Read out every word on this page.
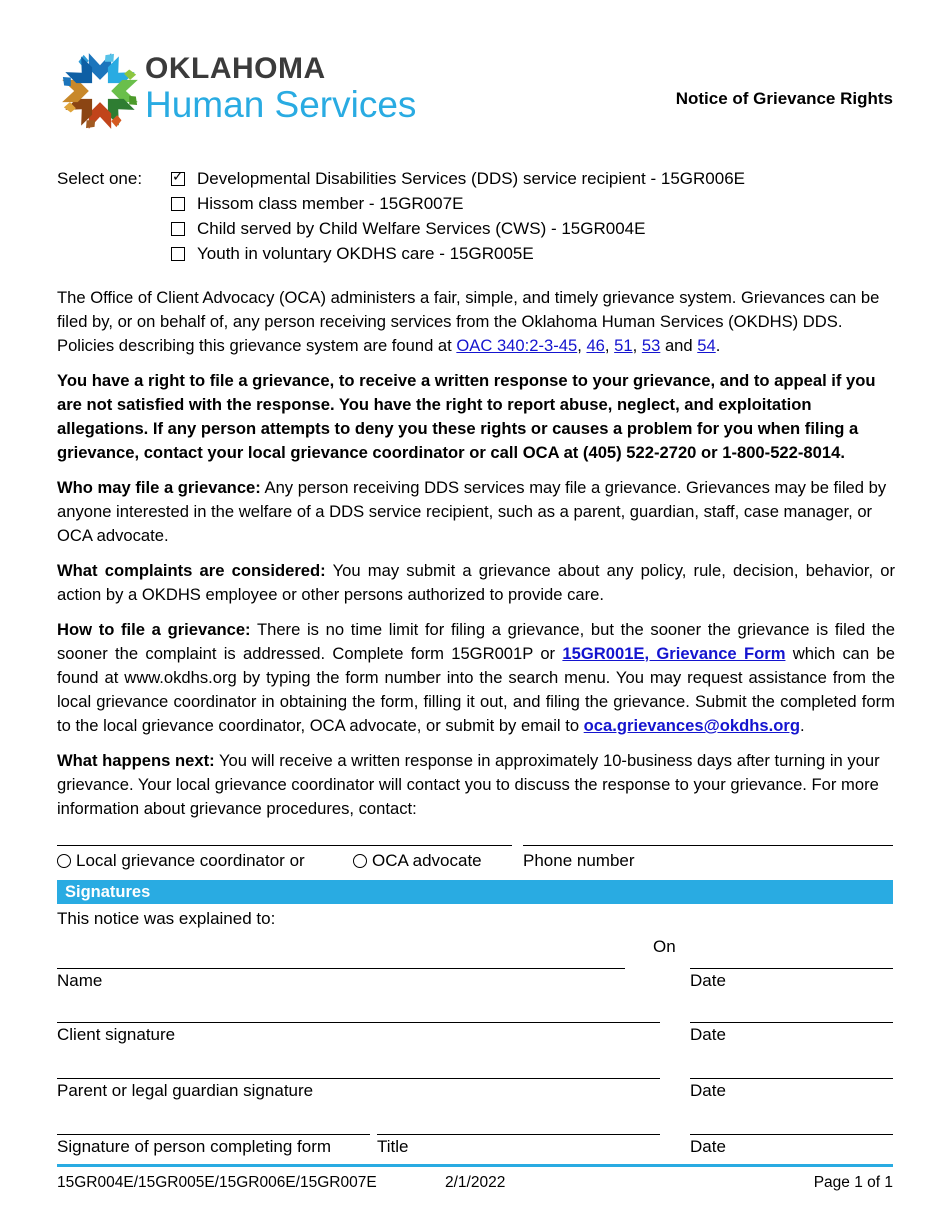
OKLAHOMA
Human Services	Notice of Grievance Rights
Select one: ✓	Developmental Disabilities Services (DDS) service recipient - 15GR006E
Hissom class member - 15GR007E
Child served by Child Welfare Services (CWS) - 15GR004E
Youth in voluntary OKDHS care - 15GR005E

The Office of Client Advocacy (OCA) administers a fair, simple, and timely grievance system. Grievances can be filed by, or on behalf of, any person receiving services from the Oklahoma Human Services (OKDHS) DDS. Policies describing this grievance system are found at OAC 340:2-3-45, 46, 51, 53 and 54.

You have a right to file a grievance, to receive a written response to your grievance, and to appeal if you are not satisfied with the response. You have the right to report abuse, neglect, and exploitation allegations. If any person attempts to deny you these rights or causes a problem for you when filing a grievance, contact your local grievance coordinator or call OCA at (405) 522-2720 or 1-800-522-8014.

Who may file a grievance: Any person receiving DDS services may file a grievance. Grievances may be filed by anyone interested in the welfare of a DDS service recipient, such as a parent, guardian, staff, case manager, or OCA advocate.

What complaints are considered: You may submit a grievance about any policy, rule, decision, behavior, or action by a OKDHS employee or other persons authorized to provide care.

How to file a grievance: There is no time limit for filing a grievance, but the sooner the grievance is filed the sooner the complaint is addressed. Complete form 15GR001P or 15GR001E, Grievance Form which can be found at www.okdhs.org by typing the form number into the search menu. You may request assistance from the local grievance coordinator in obtaining the form, filling it out, and filing the grievance. Submit the completed form to the local grievance coordinator, OCA advocate, or submit by email to oca.grievances@okdhs.org.

What happens next: You will receive a written response in approximately 10-business days after turning in your grievance. Your local grievance coordinator will contact you to discuss the response to your grievance. For more information about grievance procedures, contact:

Local grievance coordinator or	OCA advocate Phone number
Signatures
This notice was explained to:
On
Name	Date
Client signature	Date
Parent or legal guardian signature	Date
Signature of person completing form	Title	Date
15GR004E/15GR005E/15GR006E/15GR007E	2/1/2022	Page 1 of 1
